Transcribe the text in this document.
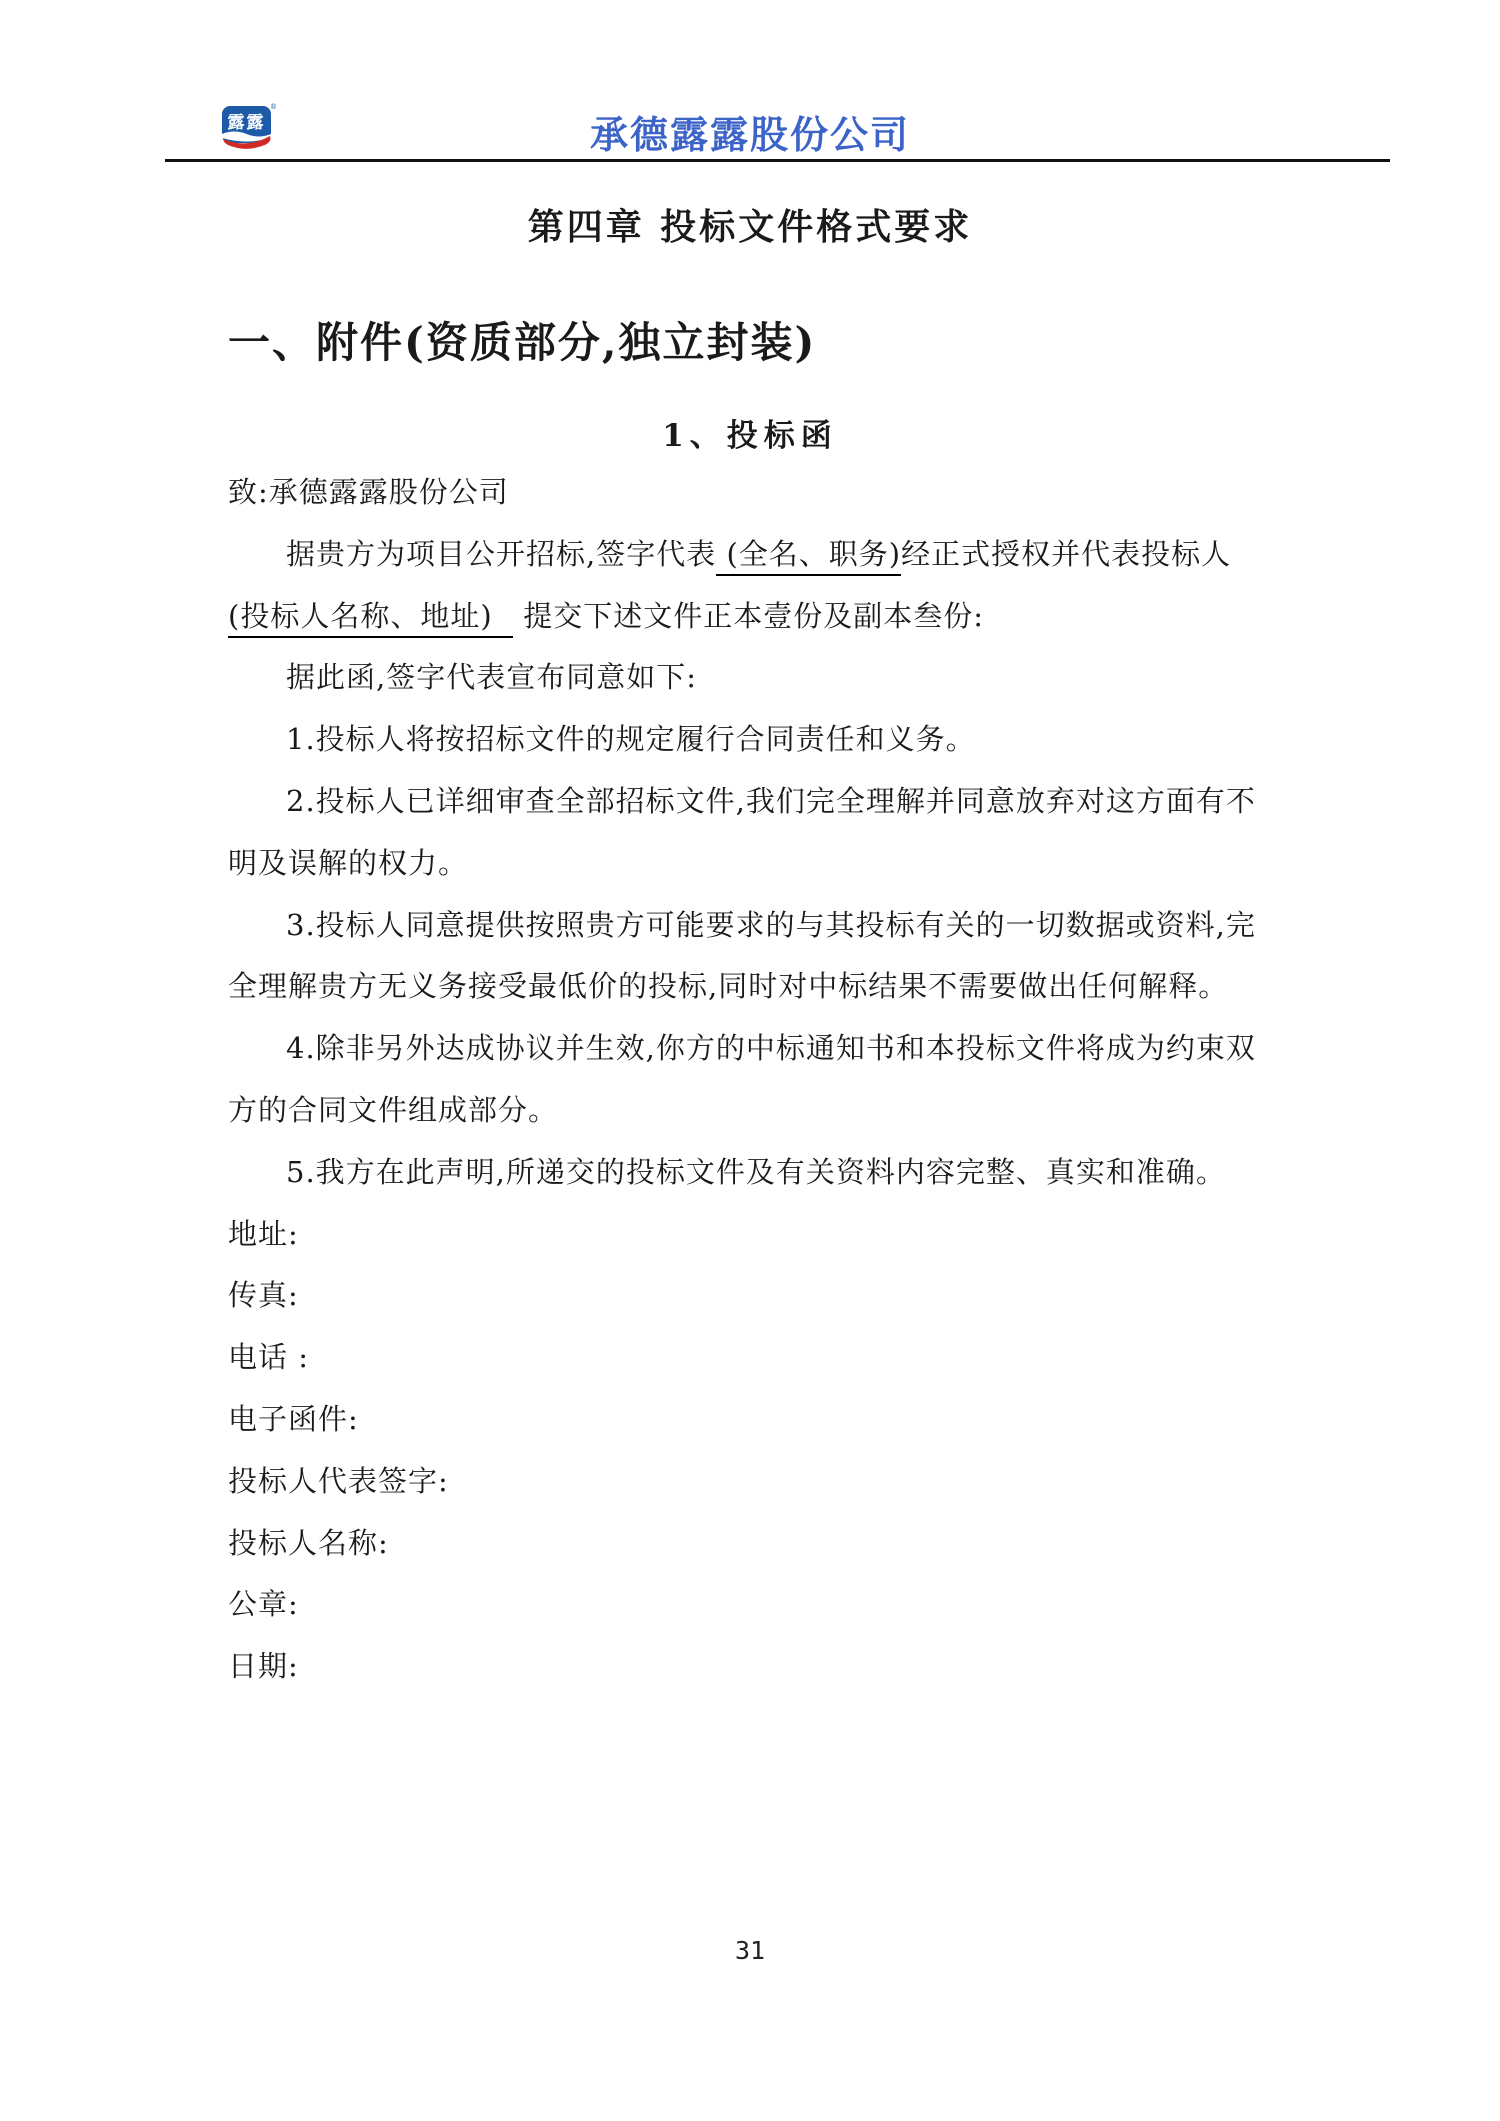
露露
®
承德露露股份公司
第四章 投标文件格式要求
一、附件(资质部分,独立封装)
1、投标函
致:承德露露股份公司
据贵方为项目公开招标,签字代表 (全名、职务)经正式授权并代表投标人
(投标人名称、地址)   提交下述文件正本壹份及副本叁份:
据此函,签字代表宣布同意如下:
1.投标人将按招标文件的规定履行合同责任和义务。
2.投标人已详细审查全部招标文件,我们完全理解并同意放弃对这方面有不
明及误解的权力。
3.投标人同意提供按照贵方可能要求的与其投标有关的一切数据或资料,完
全理解贵方无义务接受最低价的投标,同时对中标结果不需要做出任何解释。
4.除非另外达成协议并生效,你方的中标通知书和本投标文件将成为约束双
方的合同文件组成部分。
5.我方在此声明,所递交的投标文件及有关资料内容完整、真实和准确。
地址:
传真:
电话 :
电子函件:
投标人代表签字:
投标人名称:
公章:
日期:
31
